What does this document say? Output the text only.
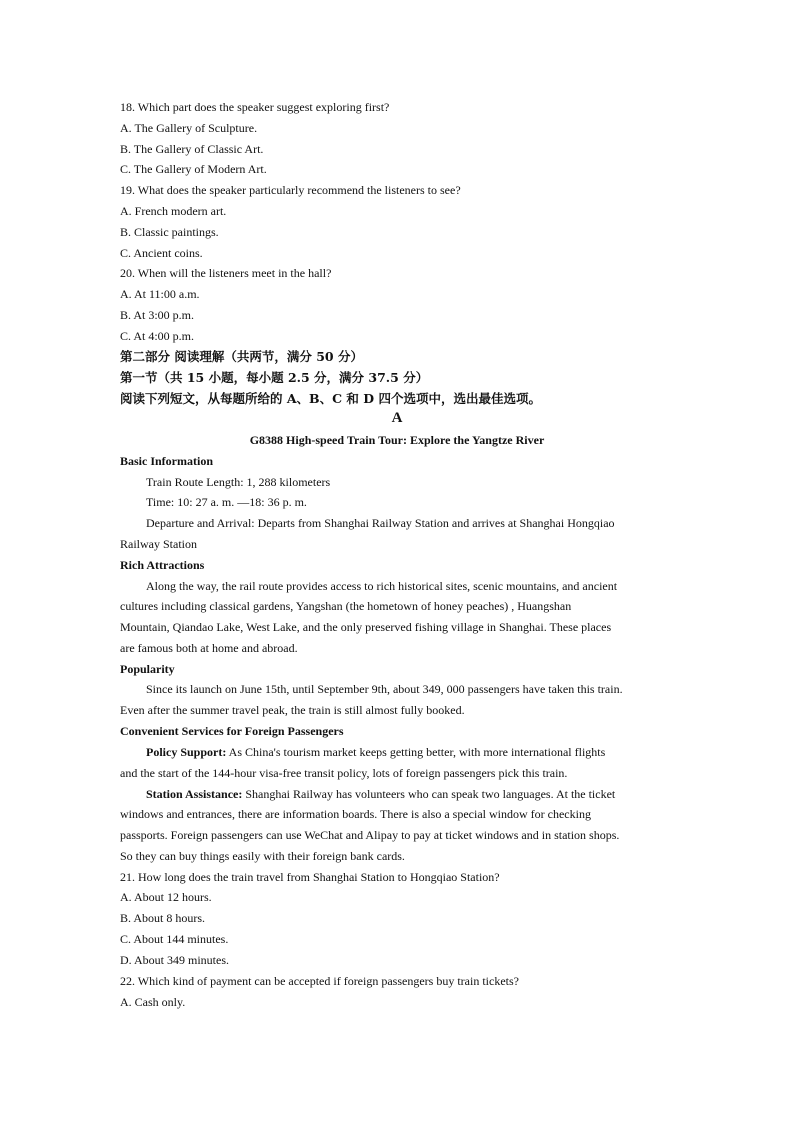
18. Which part does the speaker suggest exploring first?
A. The Gallery of Sculpture.
B. The Gallery of Classic Art.
C. The Gallery of Modern Art.
19. What does the speaker particularly recommend the listeners to see?
A. French modern art.
B. Classic paintings.
C. Ancient coins.
20. When will the listeners meet in the hall?
A. At 11:00 a.m.
B. At 3:00 p.m.
C. At 4:00 p.m.
第二部分 阅读理解（共两节，满分 50 分）
第一节（共 15 小题，每小题 2.5 分，满分 37.5 分）
阅读下列短文，从每题所给的 A、B、C 和 D 四个选项中，选出最佳选项。
A
G8388 High-speed Train Tour: Explore the Yangtze River
Basic Information
Train Route Length: 1, 288 kilometers
Time: 10: 27 a. m. —18: 36 p. m.
Departure and Arrival: Departs from Shanghai Railway Station and arrives at Shanghai Hongqiao
Railway Station
Rich Attractions
Along the way, the rail route provides access to rich historical sites, scenic mountains, and ancient
cultures including classical gardens, Yangshan (the hometown of honey peaches) , Huangshan
Mountain, Qiandao Lake, West Lake, and the only preserved fishing village in Shanghai. These places
are famous both at home and abroad.
Popularity
Since its launch on June 15th, until September 9th, about 349, 000 passengers have taken this train.
Even after the summer travel peak, the train is still almost fully booked.
Convenient Services for Foreign Passengers
Policy Support: As China's tourism market keeps getting better, with more international flights
and the start of the 144-hour visa-free transit policy, lots of foreign passengers pick this train.
Station Assistance: Shanghai Railway has volunteers who can speak two languages. At the ticket
windows and entrances, there are information boards. There is also a special window for checking
passports. Foreign passengers can use WeChat and Alipay to pay at ticket windows and in station shops.
So they can buy things easily with their foreign bank cards.
21. How long does the train travel from Shanghai Station to Hongqiao Station?
A. About 12 hours.
B. About 8 hours.
C. About 144 minutes.
D. About 349 minutes.
22. Which kind of payment can be accepted if foreign passengers buy train tickets?
A. Cash only.
